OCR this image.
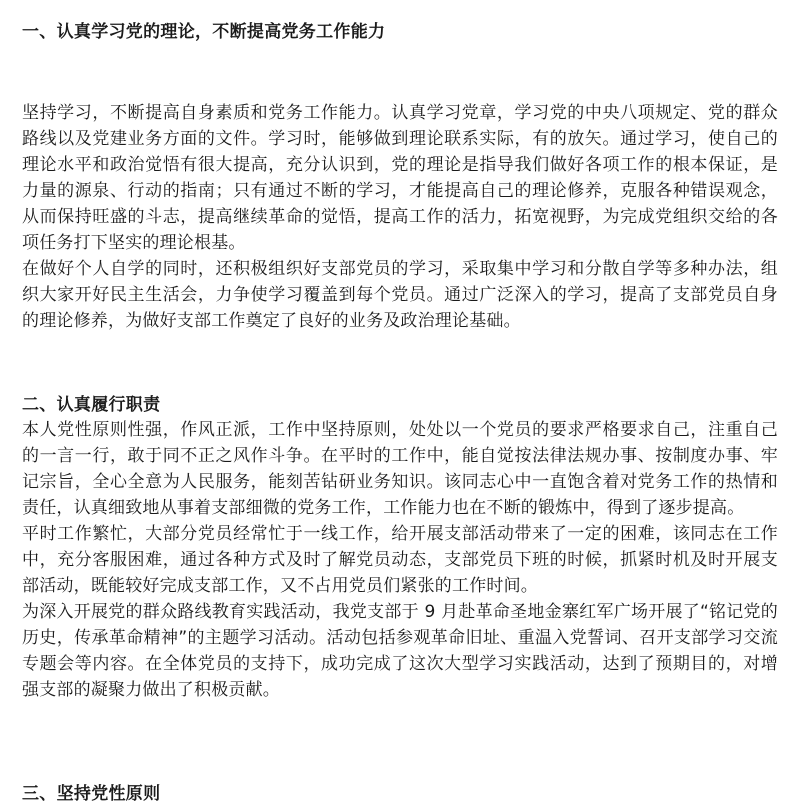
一、认真学习党的理论，不断提高党务工作能力

坚持学习，不断提高自身素质和党务工作能力。认真学习党章，学习党的中央八项规定、党的群众路线以及党建业务方面的文件。学习时，能够做到理论联系实际，有的放矢。通过学习，使自己的理论水平和政治觉悟有很大提高，充分认识到，党的理论是指导我们做好各项工作的根本保证，是力量的源泉、行动的指南；只有通过不断的学习，才能提高自己的理论修养，克服各种错误观念，从而保持旺盛的斗志，提高继续革命的觉悟，提高工作的活力，拓宽视野，为完成党组织交给的各项任务打下坚实的理论根基。

在做好个人自学的同时，还积极组织好支部党员的学习，采取集中学习和分散自学等多种办法，组织大家开好民主生活会，力争使学习覆盖到每个党员。通过广泛深入的学习，提高了支部党员自身的理论修养，为做好支部工作奠定了良好的业务及政治理论基础。

二、认真履行职责

本人党性原则性强，作风正派，工作中坚持原则，处处以一个党员的要求严格要求自己，注重自己的一言一行，敢于同不正之风作斗争。在平时的工作中，能自觉按法律法规办事、按制度办事、牢记宗旨，全心全意为人民服务，能刻苦钻研业务知识。该同志心中一直饱含着对党务工作的热情和责任，认真细致地从事着支部细微的党务工作，工作能力也在不断的锻炼中，得到了逐步提高。

平时工作繁忙，大部分党员经常忙于一线工作，给开展支部活动带来了一定的困难，该同志在工作中，充分客服困难，通过各种方式及时了解党员动态，支部党员下班的时候，抓紧时机及时开展支部活动，既能较好完成支部工作，又不占用党员们紧张的工作时间。

为深入开展党的群众路线教育实践活动，我党支部于 9 月赴革命圣地金寨红军广场开展了“铭记党的历史，传承革命精神”的主题学习活动。活动包括参观革命旧址、重温入党誓词、召开支部学习交流专题会等内容。在全体党员的支持下，成功完成了这次大型学习实践活动，达到了预期目的，对增强支部的凝聚力做出了积极贡献。

三、坚持党性原则
